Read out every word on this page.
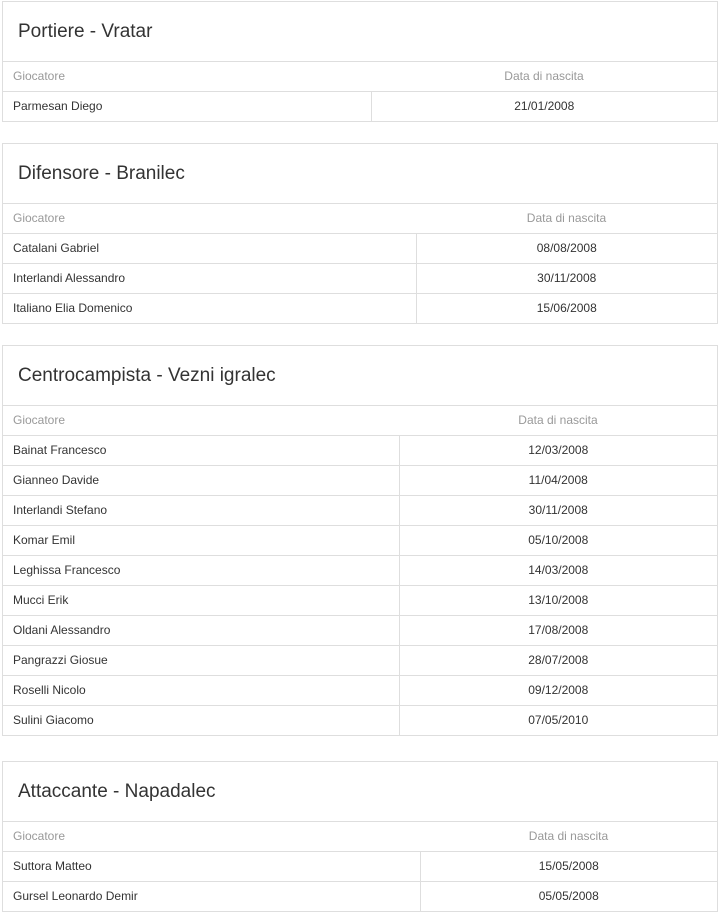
Portiere - Vratar
Giocatore	Data di nascita
Parmesan Diego	21/01/2008
Difensore - Branilec
Giocatore	Data di nascita
Catalani Gabriel	08/08/2008
Interlandi Alessandro	30/11/2008
Italiano Elia Domenico	15/06/2008
Centrocampista - Vezni igralec
Giocatore	Data di nascita
Bainat Francesco	12/03/2008
Gianneo Davide	11/04/2008
Interlandi Stefano	30/11/2008
Komar Emil	05/10/2008
Leghissa Francesco	14/03/2008
Mucci Erik	13/10/2008
Oldani Alessandro	17/08/2008
Pangrazzi Giosue	28/07/2008
Roselli Nicolo	09/12/2008
Sulini Giacomo	07/05/2010
Attaccante - Napadalec
Giocatore	Data di nascita
Suttora Matteo	15/05/2008
Gursel Leonardo Demir	05/05/2008
